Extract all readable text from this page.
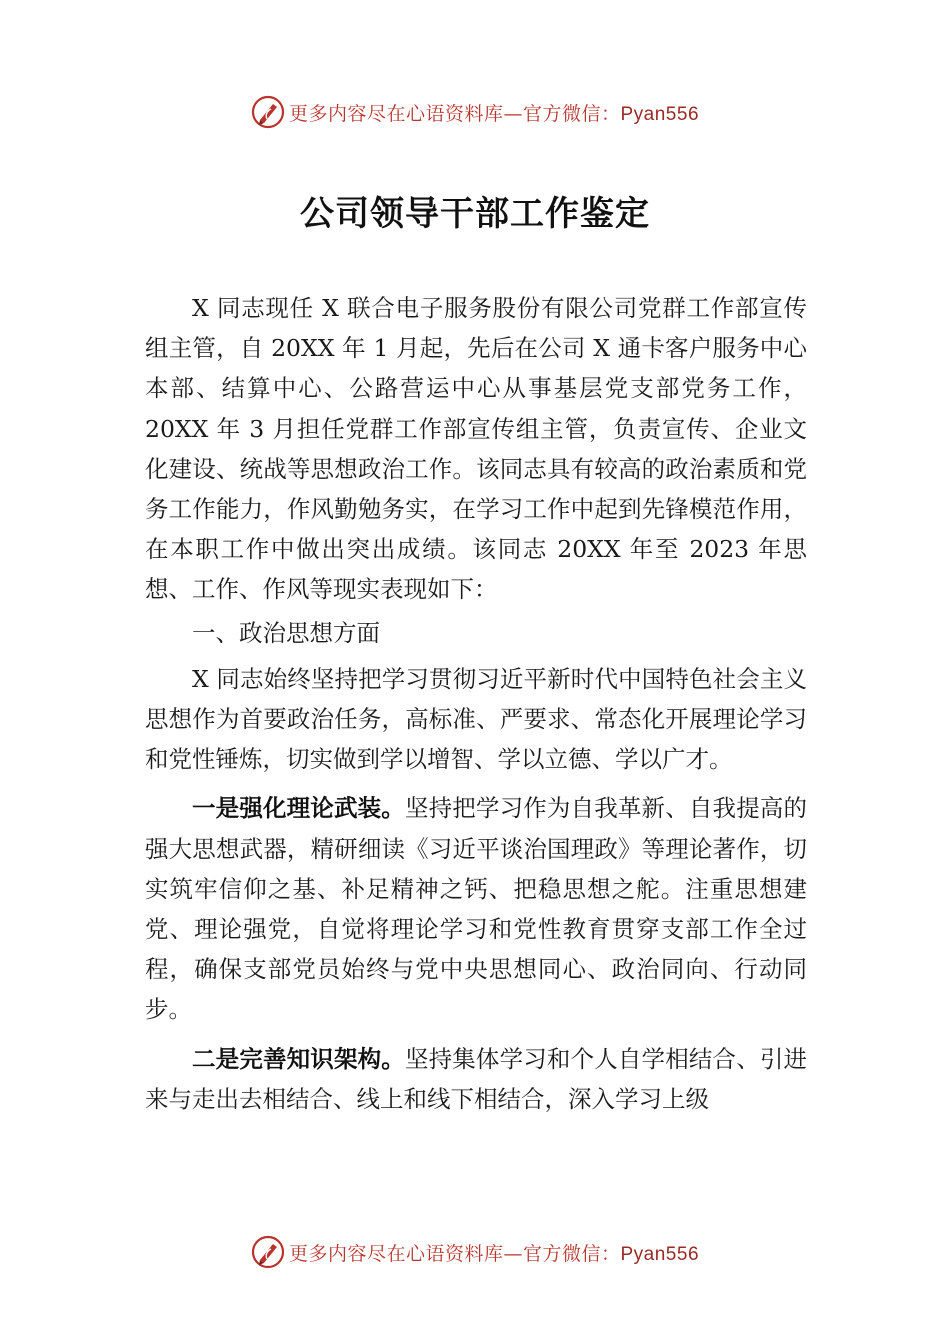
更多内容尽在心语资料库—官方微信：Pyan556
公司领导干部工作鉴定

X 同志现任 X 联合电子服务股份有限公司党群工作部宣传组主管，自 20XX 年 1 月起，先后在公司 X 通卡客户服务中心本部、结算中心、公路营运中心从事基层党支部党务工作，20XX 年 3 月担任党群工作部宣传组主管，负责宣传、企业文化建设、统战等思想政治工作。该同志具有较高的政治素质和党务工作能力，作风勤勉务实，在学习工作中起到先锋模范作用，在本职工作中做出突出成绩。该同志 20XX 年至 2023 年思想、工作、作风等现实表现如下：

一、政治思想方面

X 同志始终坚持把学习贯彻习近平新时代中国特色社会主义思想作为首要政治任务，高标准、严要求、常态化开展理论学习和党性锤炼，切实做到学以增智、学以立德、学以广才。

一是强化理论武装。坚持把学习作为自我革新、自我提高的强大思想武器，精研细读《习近平谈治国理政》等理论著作，切实筑牢信仰之基、补足精神之钙、把稳思想之舵。注重思想建党、理论强党，自觉将理论学习和党性教育贯穿支部工作全过程，确保支部党员始终与党中央思想同心、政治同向、行动同步。

二是完善知识架构。坚持集体学习和个人自学相结合、引进来与走出去相结合、线上和线下相结合，深入学习上级

更多内容尽在心语资料库—官方微信：Pyan556
